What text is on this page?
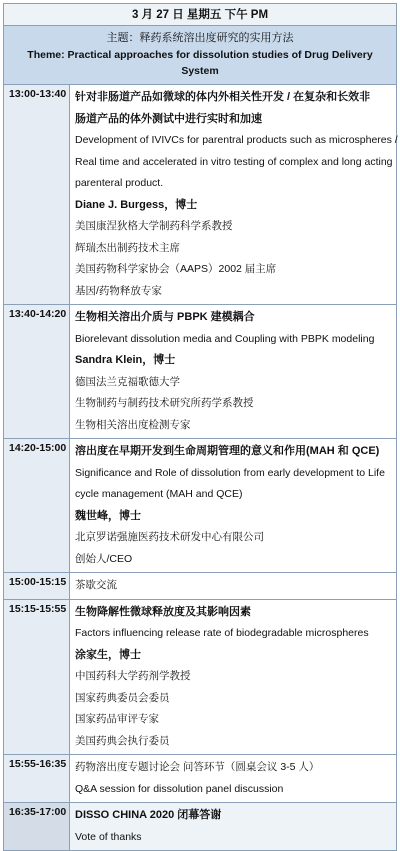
3 月 27 日 星期五 下午 PM
主题：释药系统溶出度研究的实用方法
Theme: Practical approaches for dissolution studies of Drug Delivery System
13:00-13:40 针对非肠道产品如微球的体内外相关性开发 / 在复杂和长效非
肠道产品的体外测试中进行实时和加速
Development of IVIVCs for parentral products such as microspheres /
Real time and accelerated in vitro testing of complex and long acting
parenteral product.
Diane J. Burgess，博士
美国康涅狄格大学制药科学系教授
辉瑞杰出制药技术主席
美国药物科学家协会（AAPS）2002 届主席
基因/药物释放专家
13:40-14:20 生物相关溶出介质与 PBPK 建模耦合
Biorelevant dissolution media and Coupling with PBPK modeling
Sandra Klein，博士
德国法兰克福歌德大学
生物制药与制药技术研究所药学系教授
生物相关溶出度检测专家
14:20-15:00 溶出度在早期开发到生命周期管理的意义和作用(MAH 和 QCE)
Significance and Role of dissolution from early development to Life
cycle management (MAH and QCE)
魏世峰，博士
北京罗诺强施医药技术研发中心有限公司
创始人/CEO
15:00-15:15 茶歇交流
15:15-15:55 生物降解性微球释放度及其影响因素
Factors influencing release rate of biodegradable microspheres
涂家生，博士
中国药科大学药剂学教授
国家药典委员会委员
国家药品审评专家
美国药典会执行委员
15:55-16:35 药物溶出度专题讨论会 问答环节（圆桌会议 3-5 人）
Q&A session for dissolution panel discussion
16:35-17:00 DISSO CHINA 2020 闭幕答谢
Vote of thanks
